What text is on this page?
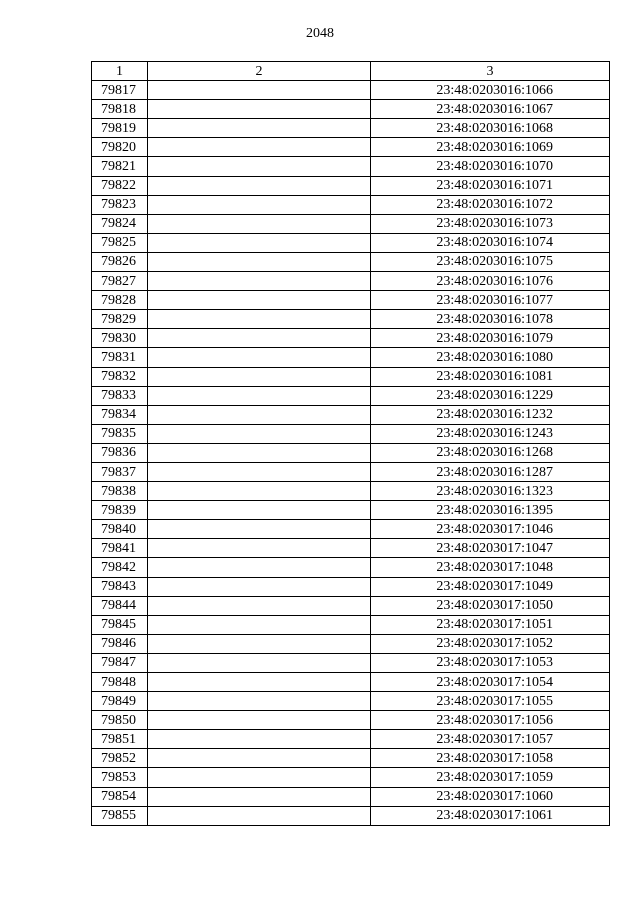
2048
1	2	3
79817		23:48:0203016:1066
79818		23:48:0203016:1067
79819		23:48:0203016:1068
79820		23:48:0203016:1069
79821		23:48:0203016:1070
79822		23:48:0203016:1071
79823		23:48:0203016:1072
79824		23:48:0203016:1073
79825		23:48:0203016:1074
79826		23:48:0203016:1075
79827		23:48:0203016:1076
79828		23:48:0203016:1077
79829		23:48:0203016:1078
79830		23:48:0203016:1079
79831		23:48:0203016:1080
79832		23:48:0203016:1081
79833		23:48:0203016:1229
79834		23:48:0203016:1232
79835		23:48:0203016:1243
79836		23:48:0203016:1268
79837		23:48:0203016:1287
79838		23:48:0203016:1323
79839		23:48:0203016:1395
79840		23:48:0203017:1046
79841		23:48:0203017:1047
79842		23:48:0203017:1048
79843		23:48:0203017:1049
79844		23:48:0203017:1050
79845		23:48:0203017:1051
79846		23:48:0203017:1052
79847		23:48:0203017:1053
79848		23:48:0203017:1054
79849		23:48:0203017:1055
79850		23:48:0203017:1056
79851		23:48:0203017:1057
79852		23:48:0203017:1058
79853		23:48:0203017:1059
79854		23:48:0203017:1060
79855		23:48:0203017:1061
